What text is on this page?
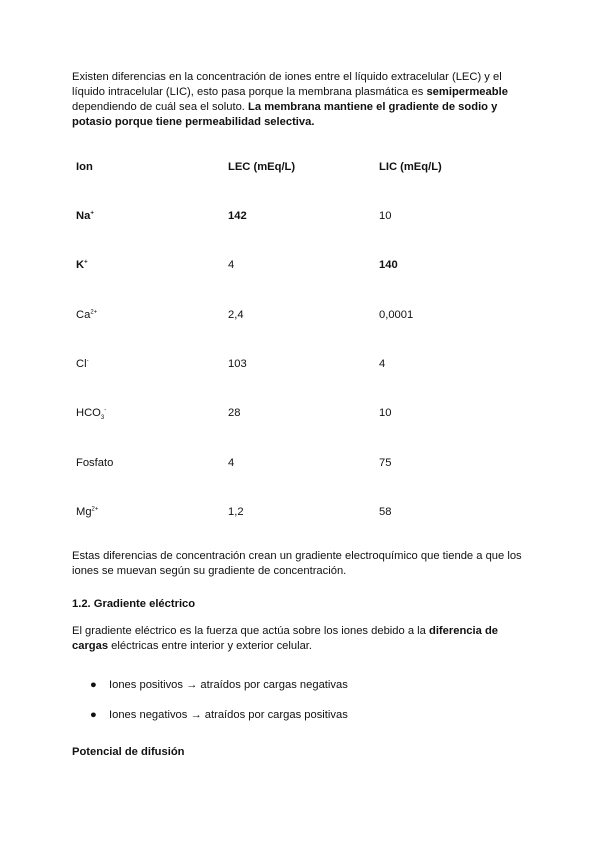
Existen diferencias en la concentración de iones entre el líquido extracelular (LEC) y el
líquido intracelular (LIC), esto pasa porque la membrana plasmática es semipermeable
dependiendo de cuál sea el soluto. La membrana mantiene el gradiente de sodio y
potasio porque tiene permeabilidad selectiva.

Ion	LEC (mEq/L)	LIC (mEq/L)
Na+	142	10
K+	4	140
$Ca^{2+}$	2,4	0,0001
Cl-	103	4
$HCO_3^-$	28	10
Fosfato	4	75
$Mg^{2+}$	1,2	58

Estas diferencias de concentración crean un gradiente electroquímico que tiende a que los
iones se muevan según su gradiente de concentración.

1.2. Gradiente eléctrico

El gradiente eléctrico es la fuerza que actúa sobre los iones debido a la diferencia de
cargas eléctricas entre interior y exterior celular.

● Iones positivos → atraídos por cargas negativas
● Iones negativos → atraídos por cargas positivas
Potencial de difusión
